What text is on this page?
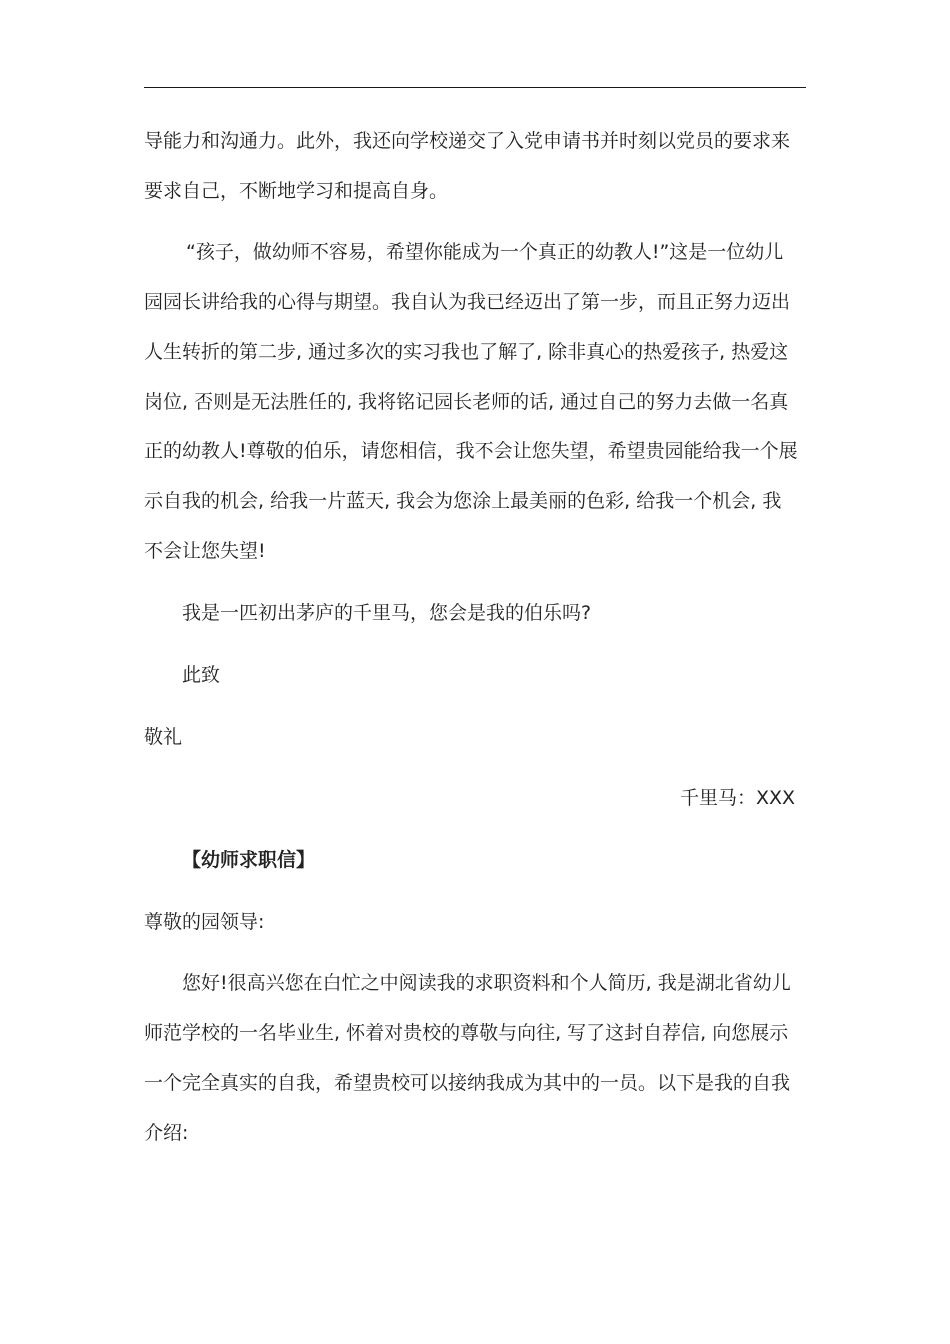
导能力和沟通力。此外，我还向学校递交了入党申请书并时刻以党员的要求来
要求自己，不断地学习和提高自身。
“孩子，做幼师不容易，希望你能成为一个真正的幼教人!”这是一位幼儿
园园长讲给我的心得与期望。我自认为我已经迈出了第一步，而且正努力迈出
人生转折的第二步, 通过多次的实习我也了解了, 除非真心的热爱孩子, 热爱这
岗位, 否则是无法胜任的, 我将铭记园长老师的话, 通过自己的努力去做一名真
正的幼教人!尊敬的伯乐，请您相信，我不会让您失望，希望贵园能给我一个展
示自我的机会, 给我一片蓝天, 我会为您涂上最美丽的色彩, 给我一个机会, 我
不会让您失望!
我是一匹初出茅庐的千里马，您会是我的伯乐吗?
此致
敬礼
千里马：XXX
【幼师求职信】
尊敬的园领导:
您好!很高兴您在白忙之中阅读我的求职资料和个人简历, 我是湖北省幼儿
师范学校的一名毕业生, 怀着对贵校的尊敬与向往, 写了这封自荐信, 向您展示
一个完全真实的自我，希望贵校可以接纳我成为其中的一员。以下是我的自我
介绍:
